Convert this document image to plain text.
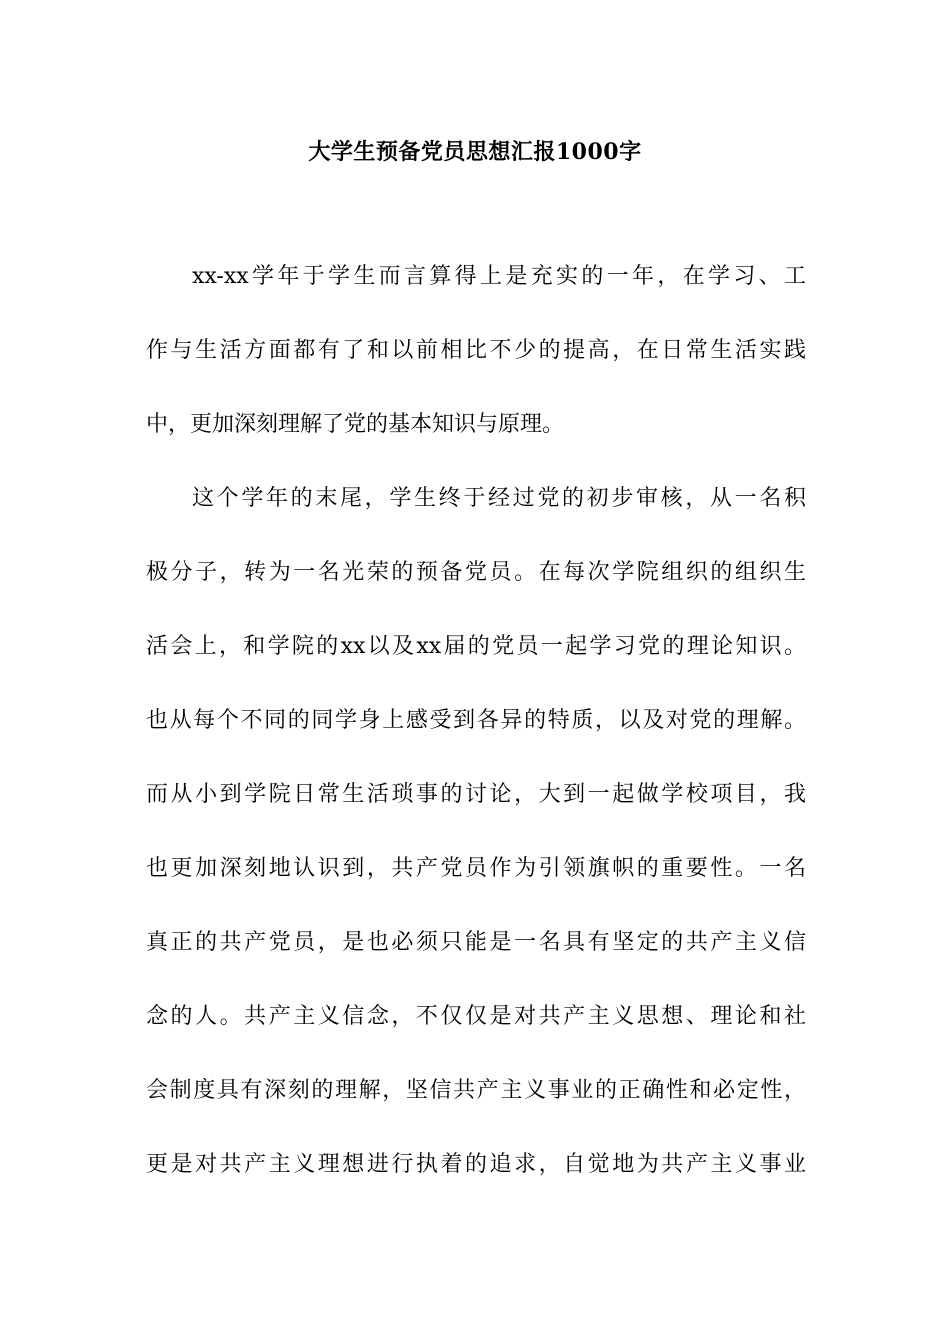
大学生预备党员思想汇报1000字
xx-xx学年于学生而言算得上是充实的一年，在学习、工
作与生活方面都有了和以前相比不少的提高，在日常生活实践
中，更加深刻理解了党的基本知识与原理。
这个学年的末尾，学生终于经过党的初步审核，从一名积
极分子，转为一名光荣的预备党员。在每次学院组织的组织生
活会上，和学院的xx以及xx届的党员一起学习党的理论知识。
也从每个不同的同学身上感受到各异的特质，以及对党的理解。
而从小到学院日常生活琐事的讨论，大到一起做学校项目，我
也更加深刻地认识到，共产党员作为引领旗帜的重要性。一名
真正的共产党员，是也必须只能是一名具有坚定的共产主义信
念的人。共产主义信念，不仅仅是对共产主义思想、理论和社
会制度具有深刻的理解，坚信共产主义事业的正确性和必定性，
更是对共产主义理想进行执着的追求，自觉地为共产主义事业
